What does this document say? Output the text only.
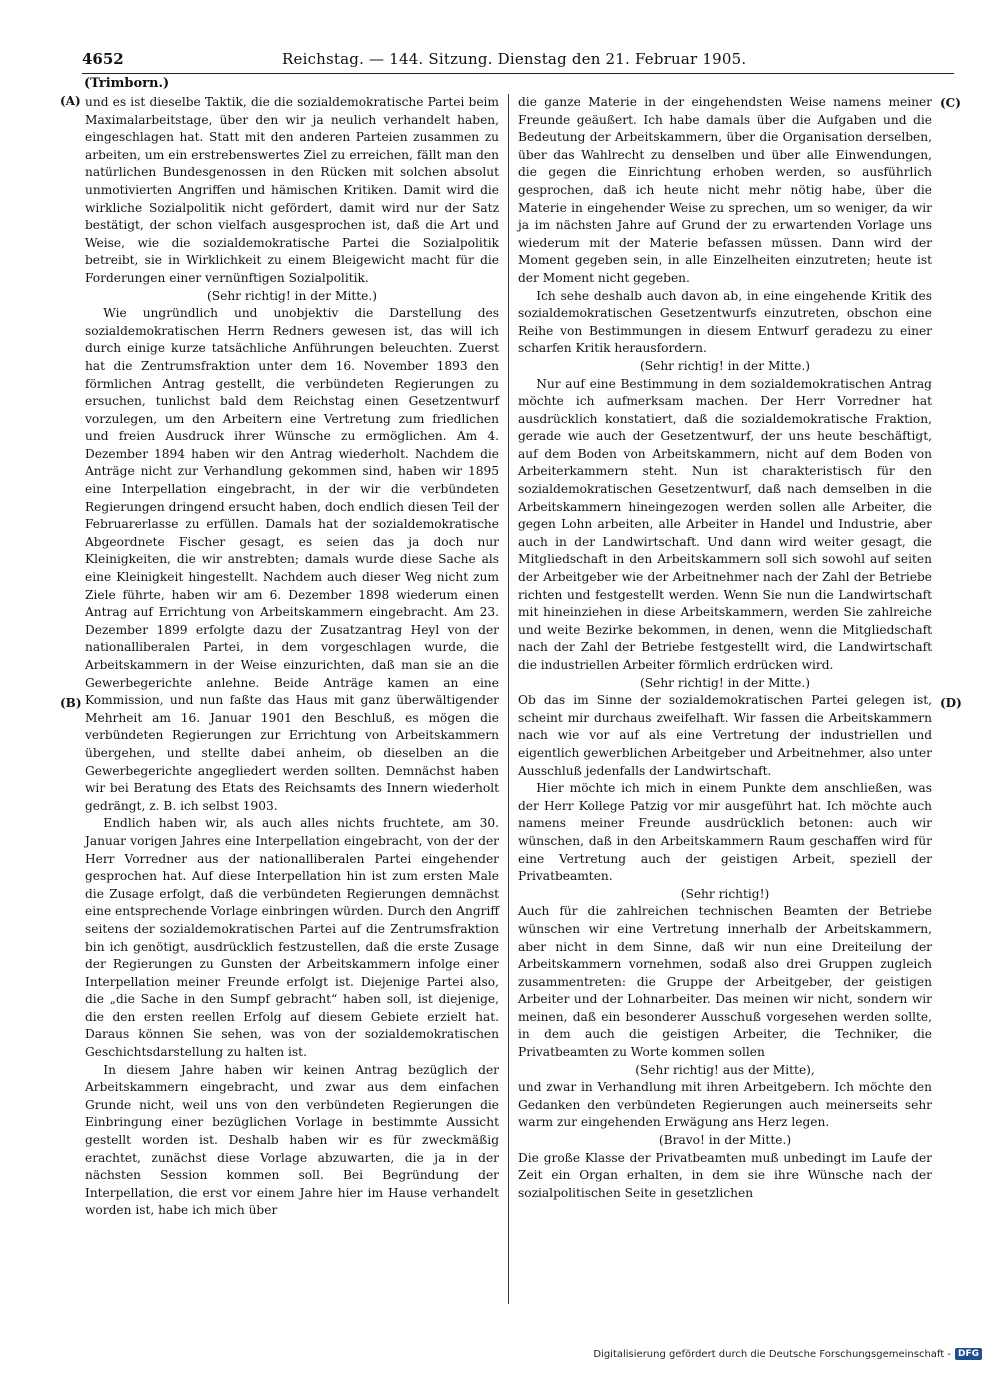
4652	Reichstag. — 144. Sitzung. Dienstag den 21. Februar 1905.
(Trimborn.)
(A)
(B)
(C)
(D)

und es ist dieselbe Taktik, die die sozialdemokratische Partei beim Maximalarbeitstage, über den wir ja neulich verhandelt haben, eingeschlagen hat. Statt mit den anderen Parteien zusammen zu arbeiten, um ein erstrebenswertes Ziel zu erreichen, fällt man den natürlichen Bundesgenossen in den Rücken mit solchen absolut unmotivierten Angriffen und hämischen Kritiken. Damit wird die wirkliche Sozialpolitik nicht gefördert, damit wird nur der Satz bestätigt, der schon vielfach ausgesprochen ist, daß die Art und Weise, wie die sozialdemokratische Partei die Sozialpolitik betreibt, sie in Wirklichkeit zu einem Bleigewicht macht für die Forderungen einer vernünftigen Sozialpolitik.

(Sehr richtig! in der Mitte.)

Wie ungründlich und unobjektiv die Darstellung des sozialdemokratischen Herrn Redners gewesen ist, das will ich durch einige kurze tatsächliche Anführungen beleuchten. Zuerst hat die Zentrumsfraktion unter dem 16. November 1893 den förmlichen Antrag gestellt, die verbündeten Regierungen zu ersuchen, tunlichst bald dem Reichstag einen Gesetzentwurf vorzulegen, um den Arbeitern eine Vertretung zum friedlichen und freien Ausdruck ihrer Wünsche zu ermöglichen. Am 4. Dezember 1894 haben wir den Antrag wiederholt. Nachdem die Anträge nicht zur Verhandlung gekommen sind, haben wir 1895 eine Interpellation eingebracht, in der wir die verbündeten Regierungen dringend ersucht haben, doch endlich diesen Teil der Februarerlasse zu erfüllen. Damals hat der sozialdemokratische Abgeordnete Fischer gesagt, es seien das ja doch nur Kleinigkeiten, die wir anstrebten; damals wurde diese Sache als eine Kleinigkeit hingestellt. Nachdem auch dieser Weg nicht zum Ziele führte, haben wir am 6. Dezember 1898 wiederum einen Antrag auf Errichtung von Arbeitskammern eingebracht. Am 23. Dezember 1899 erfolgte dazu der Zusatzantrag Heyl von der nationalliberalen Partei, in dem vorgeschlagen wurde, die Arbeitskammern in der Weise einzurichten, daß man sie an die Gewerbegerichte anlehne. Beide Anträge kamen an eine Kommission, und nun faßte das Haus mit ganz überwältigender Mehrheit am 16. Januar 1901 den Beschluß, es mögen die verbündeten Regierungen zur Errichtung von Arbeitskammern übergehen, und stellte dabei anheim, ob dieselben an die Gewerbegerichte angegliedert werden sollten. Demnächst haben wir bei Beratung des Etats des Reichsamts des Innern wiederholt gedrängt, z. B. ich selbst 1903.

Endlich haben wir, als auch alles nichts fruchtete, am 30. Januar vorigen Jahres eine Interpellation eingebracht, von der der Herr Vorredner aus der nationalliberalen Partei eingehender gesprochen hat. Auf diese Interpellation hin ist zum ersten Male die Zusage erfolgt, daß die verbündeten Regierungen demnächst eine entsprechende Vorlage einbringen würden. Durch den Angriff seitens der sozialdemokratischen Partei auf die Zentrumsfraktion bin ich genötigt, ausdrücklich festzustellen, daß die erste Zusage der Regierungen zu Gunsten der Arbeitskammern infolge einer Interpellation meiner Freunde erfolgt ist. Diejenige Partei also, die „die Sache in den Sumpf gebracht“ haben soll, ist diejenige, die den ersten reellen Erfolg auf diesem Gebiete erzielt hat. Daraus können Sie sehen, was von der sozialdemokratischen Geschichtsdarstellung zu halten ist.

In diesem Jahre haben wir keinen Antrag bezüglich der Arbeitskammern eingebracht, und zwar aus dem einfachen Grunde nicht, weil uns von den verbündeten Regierungen die Einbringung einer bezüglichen Vorlage in bestimmte Aussicht gestellt worden ist. Deshalb haben wir es für zweckmäßig erachtet, zunächst diese Vorlage abzuwarten, die ja in der nächsten Session kommen soll. Bei Begründung der Interpellation, die erst vor einem Jahre hier im Hause verhandelt worden ist, habe ich mich über

die ganze Materie in der eingehendsten Weise namens meiner Freunde geäußert. Ich habe damals über die Aufgaben und die Bedeutung der Arbeitskammern, über die Organisation derselben, über das Wahlrecht zu denselben und über alle Einwendungen, die gegen die Einrichtung erhoben werden, so ausführlich gesprochen, daß ich heute nicht mehr nötig habe, über die Materie in eingehender Weise zu sprechen, um so weniger, da wir ja im nächsten Jahre auf Grund der zu erwartenden Vorlage uns wiederum mit der Materie befassen müssen. Dann wird der Moment gegeben sein, in alle Einzelheiten einzutreten; heute ist der Moment nicht gegeben.

Ich sehe deshalb auch davon ab, in eine eingehende Kritik des sozialdemokratischen Gesetzentwurfs einzutreten, obschon eine Reihe von Bestimmungen in diesem Entwurf geradezu zu einer scharfen Kritik herausfordern.

(Sehr richtig! in der Mitte.)

Nur auf eine Bestimmung in dem sozialdemokratischen Antrag möchte ich aufmerksam machen. Der Herr Vorredner hat ausdrücklich konstatiert, daß die sozialdemokratische Fraktion, gerade wie auch der Gesetzentwurf, der uns heute beschäftigt, auf dem Boden von Arbeitskammern, nicht auf dem Boden von Arbeiterkammern steht. Nun ist charakteristisch für den sozialdemokratischen Gesetzentwurf, daß nach demselben in die Arbeitskammern hineingezogen werden sollen alle Arbeiter, die gegen Lohn arbeiten, alle Arbeiter in Handel und Industrie, aber auch in der Landwirtschaft. Und dann wird weiter gesagt, die Mitgliedschaft in den Arbeitskammern soll sich sowohl auf seiten der Arbeitgeber wie der Arbeitnehmer nach der Zahl der Betriebe richten und festgestellt werden. Wenn Sie nun die Landwirtschaft mit hineinziehen in diese Arbeitskammern, werden Sie zahlreiche und weite Bezirke bekommen, in denen, wenn die Mitgliedschaft nach der Zahl der Betriebe festgestellt wird, die Landwirtschaft die industriellen Arbeiter förmlich erdrücken wird.

(Sehr richtig! in der Mitte.)

Ob das im Sinne der sozialdemokratischen Partei gelegen ist, scheint mir durchaus zweifelhaft. Wir fassen die Arbeitskammern nach wie vor auf als eine Vertretung der industriellen und eigentlich gewerblichen Arbeitgeber und Arbeitnehmer, also unter Ausschluß jedenfalls der Landwirtschaft.

Hier möchte ich mich in einem Punkte dem anschließen, was der Herr Kollege Patzig vor mir ausgeführt hat. Ich möchte auch namens meiner Freunde ausdrücklich betonen: auch wir wünschen, daß in den Arbeitskammern Raum geschaffen wird für eine Vertretung auch der geistigen Arbeit, speziell der Privatbeamten.

(Sehr richtig!)

Auch für die zahlreichen technischen Beamten der Betriebe wünschen wir eine Vertretung innerhalb der Arbeitskammern, aber nicht in dem Sinne, daß wir nun eine Dreiteilung der Arbeitskammern vornehmen, sodaß also drei Gruppen zugleich zusammentreten: die Gruppe der Arbeitgeber, der geistigen Arbeiter und der Lohnarbeiter. Das meinen wir nicht, sondern wir meinen, daß ein besonderer Ausschuß vorgesehen werden sollte, in dem auch die geistigen Arbeiter, die Techniker, die Privatbeamten zu Worte kommen sollen

(Sehr richtig! aus der Mitte),

und zwar in Verhandlung mit ihren Arbeitgebern. Ich möchte den Gedanken den verbündeten Regierungen auch meinerseits sehr warm zur eingehenden Erwägung ans Herz legen.

(Bravo! in der Mitte.)

Die große Klasse der Privatbeamten muß unbedingt im Laufe der Zeit ein Organ erhalten, in dem sie ihre Wünsche nach der sozialpolitischen Seite in gesetzlichen

Digitalisierung gefördert durch die Deutsche Forschungsgemeinschaft - DFG
